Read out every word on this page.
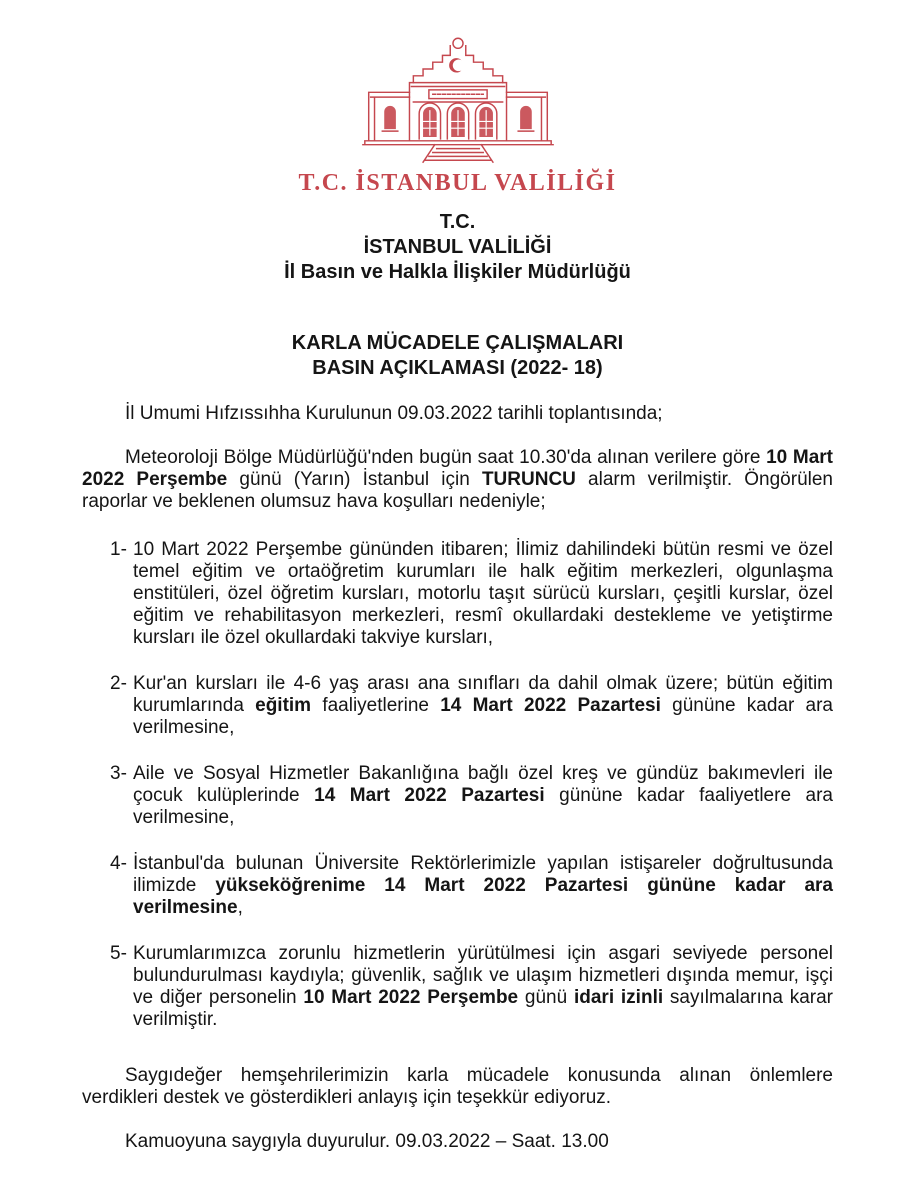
T.C. İSTANBUL VALİLİĞİ
T.C.
İSTANBUL VALİLİĞİ
İl Basın ve Halkla İlişkiler Müdürlüğü
KARLA MÜCADELE ÇALIŞMALARI
BASIN AÇIKLAMASI (2022- 18)

İl Umumi Hıfzıssıhha Kurulunun 09.03.2022 tarihli toplantısında;

Meteoroloji Bölge Müdürlüğü'nden bugün saat 10.30'da alınan verilere göre 10 Mart 2022 Perşembe günü (Yarın) İstanbul için TURUNCU alarm verilmiştir. Öngörülen raporlar ve beklenen olumsuz hava koşulları nedeniyle;

1- 10 Mart 2022 Perşembe gününden itibaren; İlimiz dahilindeki bütün resmi ve özel temel eğitim ve ortaöğretim kurumları ile halk eğitim merkezleri, olgunlaşma enstitüleri, özel öğretim kursları, motorlu taşıt sürücü kursları, çeşitli kurslar, özel eğitim ve rehabilitasyon merkezleri, resmî okullardaki destekleme ve yetiştirme kursları ile özel okullardaki takviye kursları,
2- Kur'an kursları ile 4-6 yaş arası ana sınıfları da dahil olmak üzere; bütün eğitim kurumlarında eğitim faaliyetlerine 14 Mart 2022 Pazartesi gününe kadar ara verilmesine,
3- Aile ve Sosyal Hizmetler Bakanlığına bağlı özel kreş ve gündüz bakımevleri ile çocuk kulüplerinde 14 Mart 2022 Pazartesi gününe kadar faaliyetlere ara verilmesine,
4- İstanbul'da bulunan Üniversite Rektörlerimizle yapılan istişareler doğrultusunda ilimizde yükseköğrenime 14 Mart 2022 Pazartesi gününe kadar ara verilmesine,
5- Kurumlarımızca zorunlu hizmetlerin yürütülmesi için asgari seviyede personel bulundurulması kaydıyla; güvenlik, sağlık ve ulaşım hizmetleri dışında memur, işçi ve diğer personelin 10 Mart 2022 Perşembe günü idari izinli sayılmalarına karar verilmiştir.

Saygıdeğer hemşehrilerimizin karla mücadele konusunda alınan önlemlere verdikleri destek ve gösterdikleri anlayış için teşekkür ediyoruz.

Kamuoyuna saygıyla duyurulur. 09.03.2022 – Saat. 13.00
